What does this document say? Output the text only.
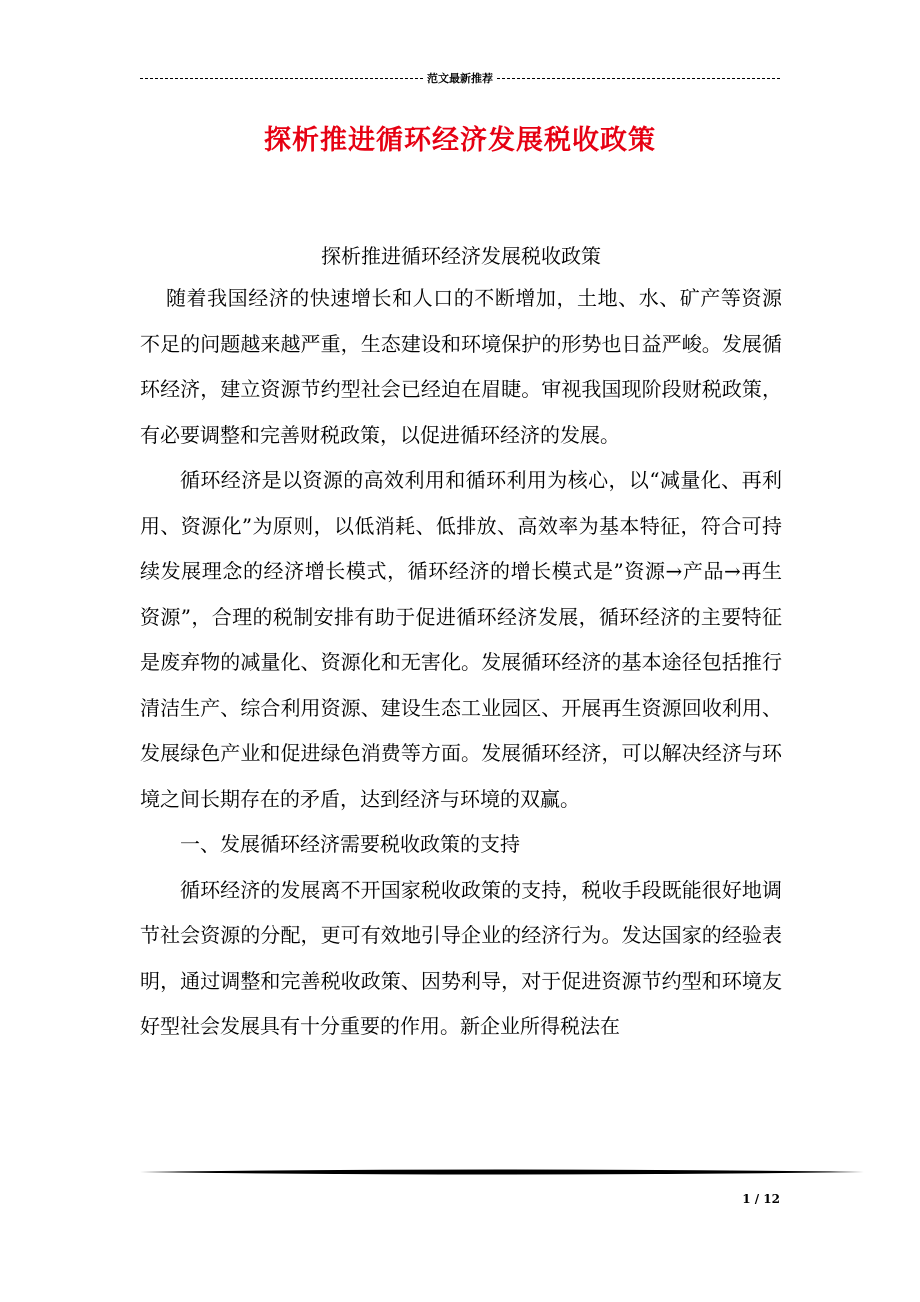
范文最新推荐
探析推进循环经济发展税收政策

探析推进循环经济发展税收政策

随着我国经济的快速增长和人口的不断增加，土地、水、矿产等资源不足的问题越来越严重，生态建设和环境保护的形势也日益严峻。发展循环经济，建立资源节约型社会已经迫在眉睫。审视我国现阶段财税政策，有必要调整和完善财税政策，以促进循环经济的发展。

循环经济是以资源的高效利用和循环利用为核心，以“减量化、再利用、资源化”为原则，以低消耗、低排放、高效率为基本特征，符合可持续发展理念的经济增长模式，循环经济的增长模式是”资源→产品→再生资源”，合理的税制安排有助于促进循环经济发展，循环经济的主要特征是废弃物的减量化、资源化和无害化。发展循环经济的基本途径包括推行清洁生产、综合利用资源、建设生态工业园区、开展再生资源回收利用、发展绿色产业和促进绿色消费等方面。发展循环经济，可以解决经济与环境之间长期存在的矛盾，达到经济与环境的双赢。

一、发展循环经济需要税收政策的支持

循环经济的发展离不开国家税收政策的支持，税收手段既能很好地调节社会资源的分配，更可有效地引导企业的经济行为。发达国家的经验表明，通过调整和完善税收政策、因势利导，对于促进资源节约型和环境友好型社会发展具有十分重要的作用。新企业所得税法在

1 / 12
